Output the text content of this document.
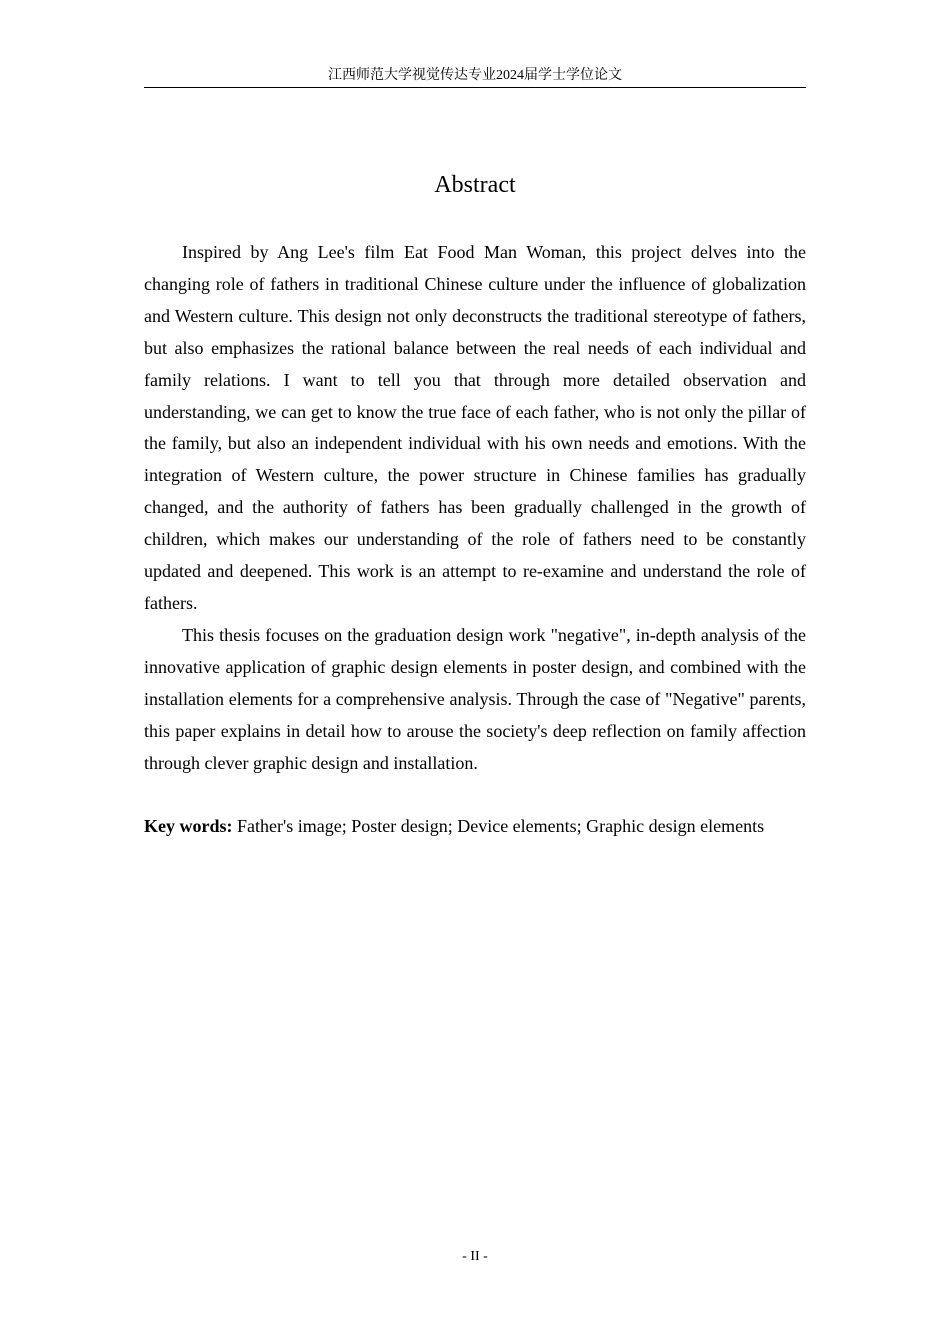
江西师范大学视觉传达专业2024届学士学位论文
Abstract

Inspired by Ang Lee's film Eat Food Man Woman, this project delves into the changing role of fathers in traditional Chinese culture under the influence of globalization and Western culture. This design not only deconstructs the traditional stereotype of fathers, but also emphasizes the rational balance between the real needs of each individual and family relations. I want to tell you that through more detailed observation and understanding, we can get to know the true face of each father, who is not only the pillar of the family, but also an independent individual with his own needs and emotions. With the integration of Western culture, the power structure in Chinese families has gradually changed, and the authority of fathers has been gradually challenged in the growth of children, which makes our understanding of the role of fathers need to be constantly updated and deepened. This work is an attempt to re-examine and understand the role of fathers.

This thesis focuses on the graduation design work "negative", in-depth analysis of the innovative application of graphic design elements in poster design, and combined with the installation elements for a comprehensive analysis. Through the case of "Negative" parents, this paper explains in detail how to arouse the society's deep reflection on family affection through clever graphic design and installation.

Key words: Father's image; Poster design; Device elements; Graphic design elements
- II -
